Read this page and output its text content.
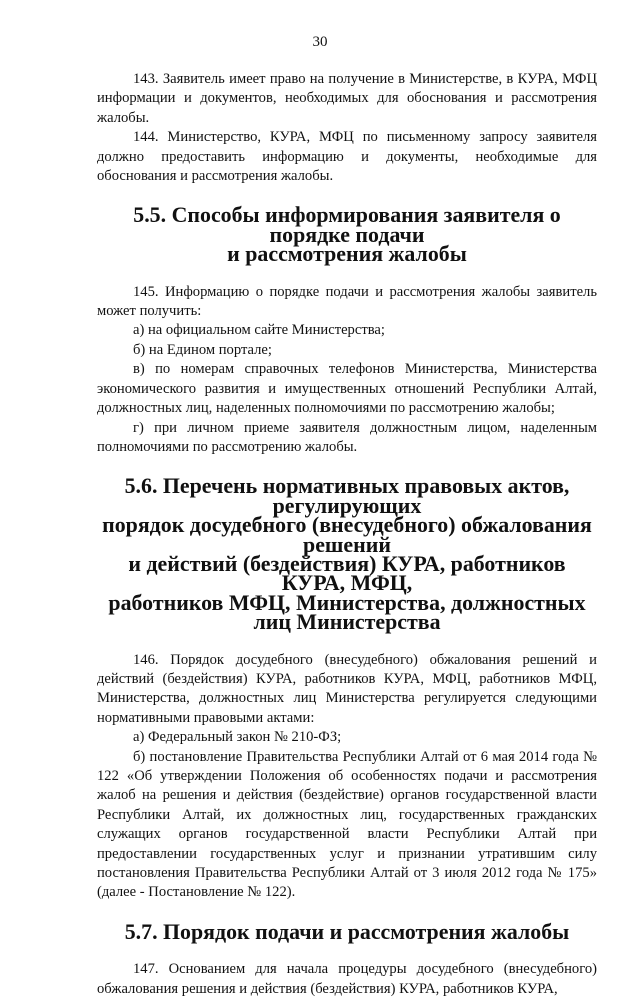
30

143. Заявитель имеет право на получение в Министерстве, в КУРА, МФЦ информации и документов, необходимых для обоснования и рассмотрения жалобы.

144. Министерство, КУРА, МФЦ по письменному запросу заявителя должно предоставить информацию и документы, необходимые для обоснования и рассмотрения жалобы.

5.5. Способы информирования заявителя о порядке подачи
и рассмотрения жалобы

145. Информацию о порядке подачи и рассмотрения жалобы заявитель может получить:

а) на официальном сайте Министерства;

б) на Едином портале;

в) по номерам справочных телефонов Министерства, Министерства экономического развития и имущественных отношений Республики Алтай, должностных лиц, наделенных полномочиями по рассмотрению жалобы;

г) при личном приеме заявителя должностным лицом, наделенным полномочиями по рассмотрению жалобы.

5.6. Перечень нормативных правовых актов, регулирующих
порядок досудебного (внесудебного) обжалования решений
и действий (бездействия) КУРА, работников КУРА, МФЦ,
работников МФЦ, Министерства, должностных
лиц Министерства

146. Порядок досудебного (внесудебного) обжалования решений и действий (бездействия) КУРА, работников КУРА, МФЦ, работников МФЦ, Министерства, должностных лиц Министерства регулируется следующими нормативными правовыми актами:

а) Федеральный закон № 210-ФЗ;

б) постановление Правительства Республики Алтай от 6 мая 2014 года № 122 «Об утверждении Положения об особенностях подачи и рассмотрения жалоб на решения и действия (бездействие) органов государственной власти Республики Алтай, их должностных лиц, государственных гражданских служащих органов государственной власти Республики Алтай при предоставлении государственных услуг и признании утратившим силу постановления Правительства Республики Алтай от 3 июля 2012 года № 175» (далее - Постановление № 122).

5.7. Порядок подачи и рассмотрения жалобы

147. Основанием для начала процедуры досудебного (внесудебного) обжалования решения и действия (бездействия) КУРА, работников КУРА,
